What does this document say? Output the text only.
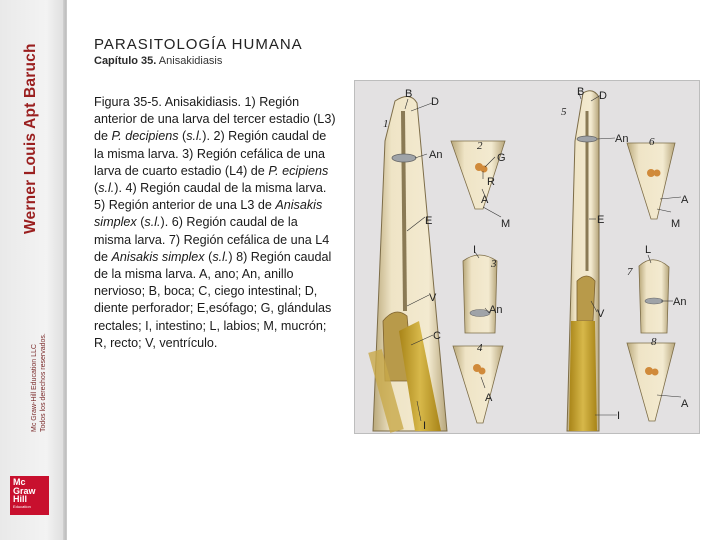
Werner Louis Apt Baruch
Mc Graw-Hill Education LLC Todos los derechos reservados.
Mc
Graw
Hill
Education
PARASITOLOGÍA HUMANA
Capítulo 35. Anisakidiasis
Figura 35-5. Anisakidiasis. 1) Región anterior de una larva del tercer estadio (L3) de P. decipiens (s.l.). 2) Región caudal de la misma larva. 3) Región cefálica de una larva de cuarto estadio (L4) de P. ecipiens (s.l.). 4) Región caudal de la misma larva. 5) Región anterior de una L3 de Anisakis simplex (s.l.). 6) Región caudal de la misma larva. 7) Región cefálica de una L4 de Anisakis simplex (s.l.) 8) Región caudal de la misma larva. A, ano; An, anillo nervioso; B, boca; C, ciego intestinal; D, diente perforador; E,esófago; G, glándulas rectales; I, intestino; L, labios; M, mucrón; R, recto; V, ventrículo.
1
2
3
4
5
6
7
8
B
D
An
E
V
C
I
G
R
A
M
I
An
A
B D
An
E
V
I
A
M
L
An
A
